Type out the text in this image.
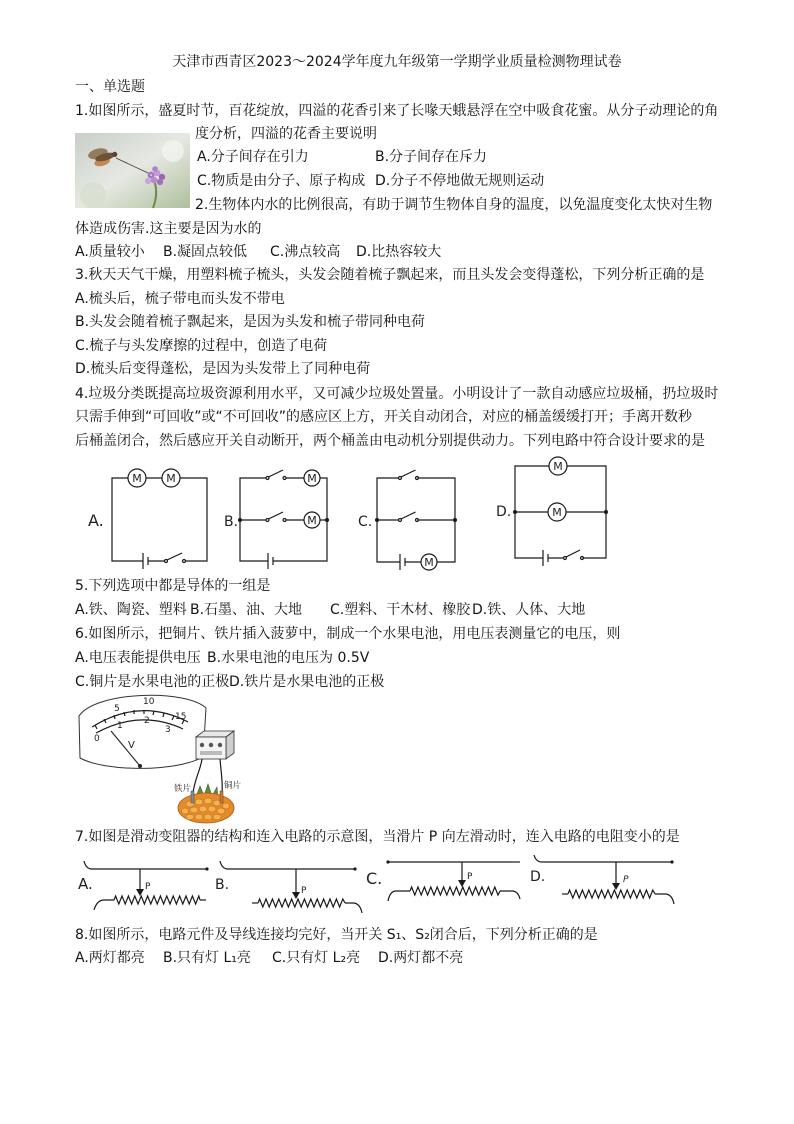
天津市西青区2023～2024学年度九年级第一学期学业质量检测物理试卷
一、单选题
1.如图所示，盛夏时节，百花绽放，四溢的花香引来了长喙天蛾悬浮在空中吸食花蜜。从分子动理论的角
度分析，四溢的花香主要说明
A.分子间存在引力	B.分子间存在斥力
C.物质是由分子、原子构成 D.分子不停地做无规则运动
2.生物体内水的比例很高，有助于调节生物体自身的温度，以免温度变化太快对生物
体造成伤害.这主要是因为水的
A.质量较小 B.凝固点较低 C.沸点较高 D.比热容较大
3.秋天天气干燥，用塑料梳子梳头，头发会随着梳子飘起来，而且头发会变得蓬松，下列分析正确的是
A.梳头后，梳子带电而头发不带电
B.头发会随着梳子飘起来，是因为头发和梳子带同种电荷
C.梳子与头发摩擦的过程中，创造了电荷
D.梳头后变得蓬松，是因为头发带上了同种电荷
4.垃圾分类既提高垃圾资源利用水平，又可减少垃圾处置量。小明设计了一款自动感应垃圾桶，扔垃圾时
只需手伸到“可回收”或“不可回收”的感应区上方，开关自动闭合，对应的桶盖缓缓打开；手离开数秒
后桶盖闭合，然后感应开关自动断开，两个桶盖由电动机分别提供动力。下列电路中符合设计要求的是
A.
M M
B.
M
M	C.
M
D.
M
M
5.下列选项中都是导体的一组是
A.铁、陶瓷、塑料 B.石墨、油、大地 C.塑料、干木材、橡胶 D.铁、人体、大地
6.如图所示，把铜片、铁片插入菠萝中，制成一个水果电池，用电压表测量它的电压，则
A.电压表能提供电压 B.水果电池的电压为 0.5V
C.铜片是水果电池的正极 D.铁片是水果电池的正极
5
10
15
0
1 2
3
V
铁片	铜片
7.如图是滑动变阻器的结构和连入电路的示意图，当滑片 P 向左滑动时，连入电路的电阻变小的是
A.	P	B.	P
C.	P	D.	P
8.如图所示，电路元件及导线连接均完好，当开关 S₁、S₂闭合后，下列分析正确的是
A.两灯都亮 B.只有灯 L₁亮 C.只有灯 L₂亮 D.两灯都不亮
